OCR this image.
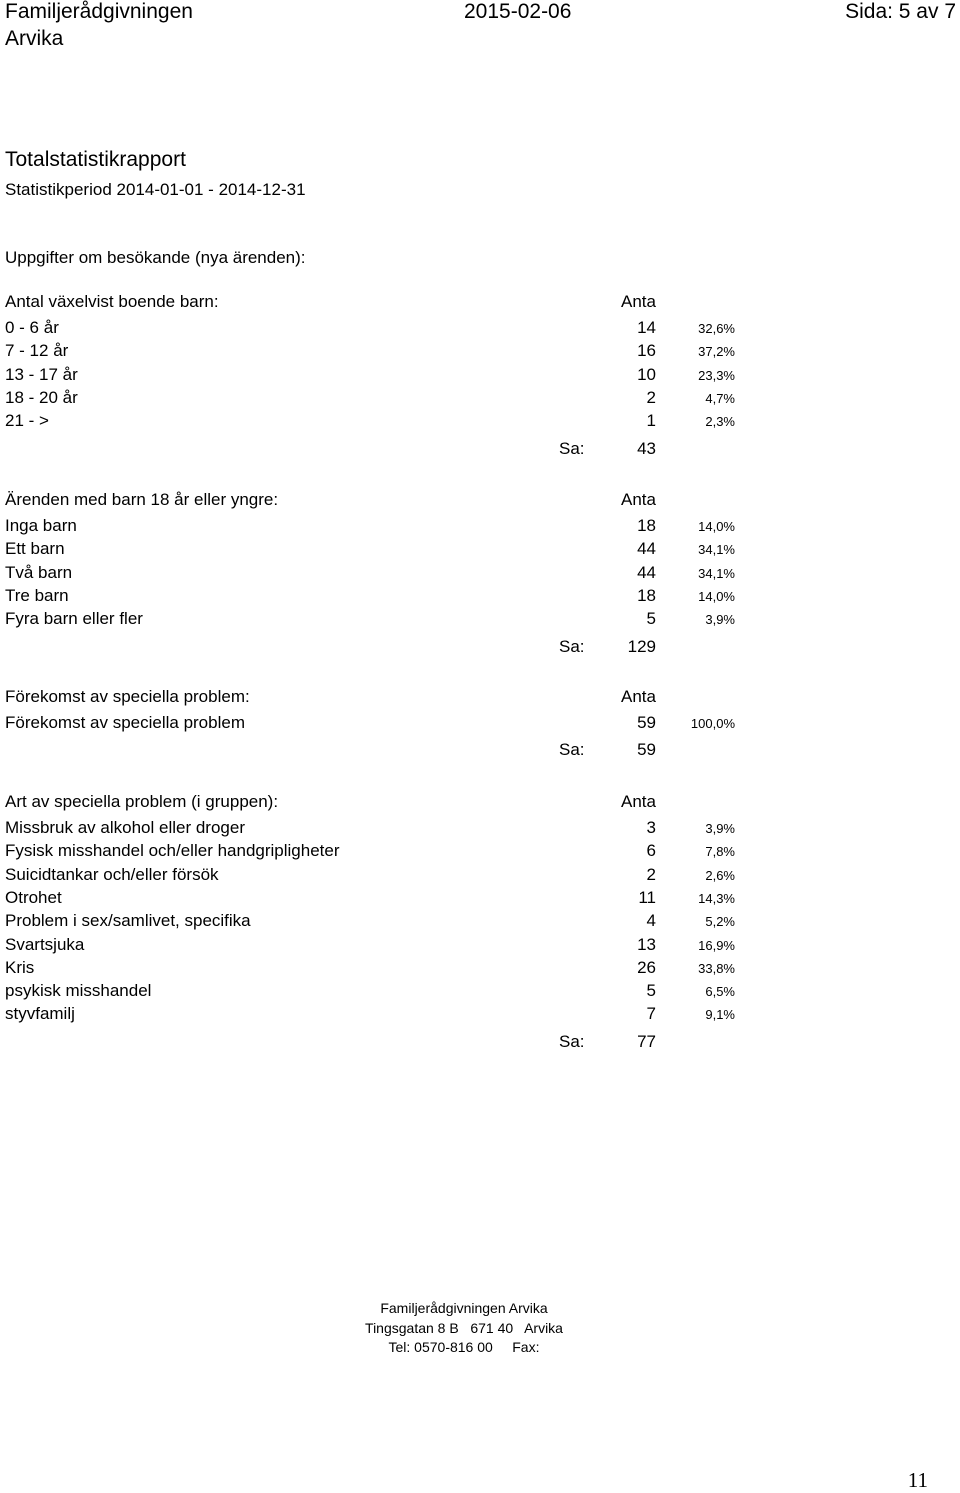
Familjerådgivningen
Arvika
2015-02-06	Sida: 5 av 7
Totalstatistikrapport
Statistikperiod 2014-01-01 - 2014-12-31
Uppgifter om besökande (nya ärenden):
Antal växelvist boende barn:	Anta
0 - 6 år	14	32,6%
7 - 12 år	16	37,2%
13 - 17 år	10	23,3%
18 - 20 år	2	4,7%
21 - >	1	2,3%
Sa:	43
Ärenden med barn 18 år eller yngre:	Anta
Inga barn	18	14,0%
Ett barn	44	34,1%
Två barn	44	34,1%
Tre barn	18	14,0%
Fyra barn eller fler	5	3,9%
Sa:	129
Förekomst av speciella problem:	Anta
Förekomst av speciella problem	59	100,0%
Sa:	59
Art av speciella problem (i gruppen):	Anta
Missbruk av alkohol eller droger	3	3,9%
Fysisk misshandel och/eller handgripligheter	6	7,8%
Suicidtankar och/eller försök	2	2,6%
Otrohet	11	14,3%
Problem i sex/samlivet, specifika	4	5,2%
Svartsjuka	13	16,9%
Kris	26	33,8%
psykisk misshandel	5	6,5%
styvfamilj	7	9,1%
Sa:	77
Familjerådgivningen Arvika
Tingsgatan 8 B   671 40   Arvika
Tel: 0570-816 00     Fax:
11
